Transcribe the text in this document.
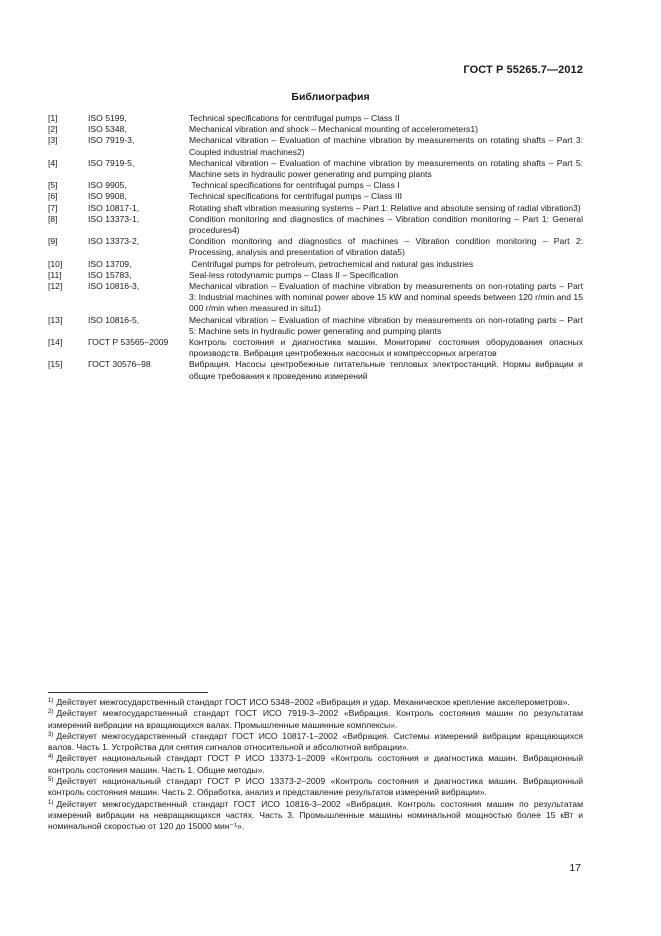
ГОСТ Р 55265.7—2012
Библиография
[1]	ISO 5199,	Technical specifications for centrifugal pumps – Class II
[2]	ISO 5348,	Mechanical vibration and shock – Mechanical mounting of accelerometers1)
[3]	ISO 7919-3,	Mechanical vibration – Evaluation of machine vibration by measurements on rotating shafts – Part 3: Coupled industrial machines2)
[4]	ISO 7919-5,	Mechanical vibration – Evaluation of machine vibration by measurements on rotating shafts – Part 5: Machine sets in hydraulic power generating and pumping plants
[5]	ISO 9905,	Technical specifications for centrifugal pumps – Class I
[6]	ISO 9908,	Technical specifications for centrifugal pumps – Class III
[7]	ISO 10817-1,	Rotating shaft vibration measuring systems – Part 1: Relative and absolute sensing of radial vibration3)
[8]	ISO 13373-1,	Condition monitoring and diagnostics of machines – Vibration condition monitoring – Part 1: General procedures4)
[9]	ISO 13373-2,	Condition monitoring and diagnostics of machines – Vibration condition monitoring – Part 2: Processing, analysis and presentation of vibration data5)
[10]	ISO 13709,	Centrifugal pumps for petroleum, petrochemical and natural gas industries
[11]	ISO 15783,	Seal-less rotodynamic pumps – Class II – Specification
[12]	ISO 10816-3,	Mechanical vibration – Evaluation of machine vibration by measurements on non-rotating parts – Part 3: Industrial machines with nominal power above 15 kW and nominal speeds between 120 r/min and 15 000 r/min when measured in situ1)
[13]	ISO 10816-5,	Mechanical vibration – Evaluation of machine vibration by measurements on non-rotating parts – Part 5: Machine sets in hydraulic power generating and pumping plants
[14]	ГОСТ Р 53565–2009	Контроль состояния и диагностика машин. Мониторинг состояния оборудования опасных производств. Вибрация центробежных насосных и компрессорных агрегатов
[15]	ГОСТ 30576–98	Вибрация. Насосы центробежные питательные тепловых электростанций. Нормы вибрации и общие требования к проведению измерений

$^{1)}$ Действует межгосударственный стандарт ГОСТ ИСО 5348–2002 «Вибрация и удар. Механическое крепление акселерометров».

$^{2)}$ Действует межгосударственный стандарт ГОСТ ИСО 7919-3–2002 «Вибрация. Контроль состояния машин по результатам измерений вибрации на вращающихся валах. Промышленные машинные комплексы».

$^{3)}$ Действует межгосударственный стандарт ГОСТ ИСО 10817-1–2002 «Вибрация. Системы измерений вибрации вращающихся валов. Часть 1. Устройства для снятия сигналов относительной и абсолютной вибрации».

$^{4)}$ Действует национальный стандарт ГОСТ Р ИСО 13373-1–2009 «Контроль состояния и диагностика машин. Вибрационный контроль состояния машин. Часть 1. Общие методы».

$^{5)}$ Действует национальный стандарт ГОСТ Р ИСО 13373-2–2009 «Контроль состояния и диагностика машин. Вибрационный контроль состояния машин. Часть 2. Обработка, анализ и представление результатов измерений вибрации».

$^{1)}$ Действует межгосударственный стандарт ГОСТ ИСО 10816-3–2002 «Вибрация. Контроль состояния машин по результатам измерений вибрации на невращающихся частях. Часть 3. Промышленные машины номинальной мощностью более 15 кВт и номинальной скоростью от 120 до 15000 мин⁻¹».

17
